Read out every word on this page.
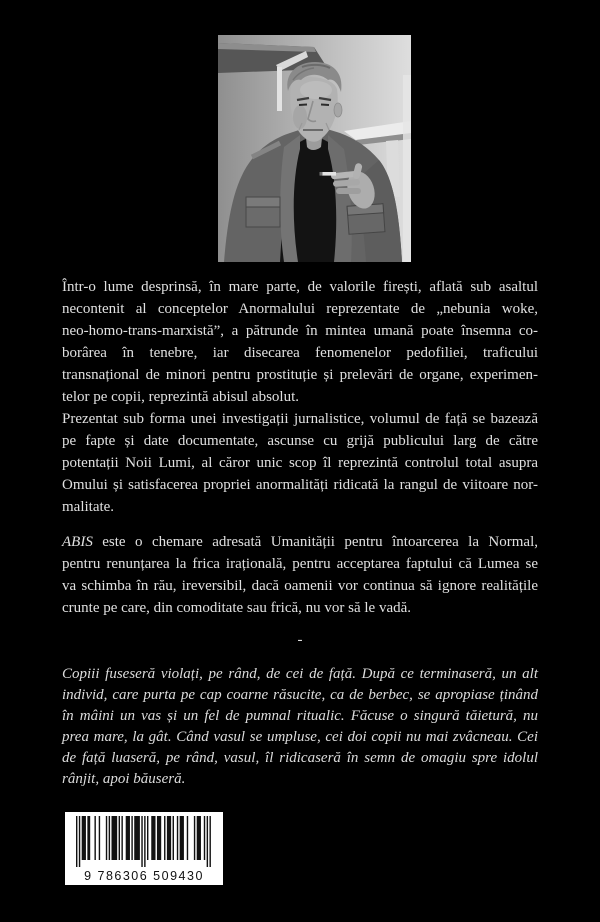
Într-o lume desprinsă, în mare parte, de valorile firești, aflată sub asaltul
necontenit al conceptelor Anormalului reprezentate de „nebunia woke,
neo-homo-trans-marxistă”, a pătrunde în mintea umană poate însemna co-
borârea în tenebre, iar disecarea fenomenelor pedofiliei, traficului
transnațional de minori pentru prostituție și prelevări de organe, experimen-
telor pe copii, reprezintă abisul absolut.
Prezentat sub forma unei investigații jurnalistice, volumul de față se bazează
pe fapte și date documentate, ascunse cu grijă publicului larg de către
potentații Noii Lumi, al căror unic scop îl reprezintă controlul total asupra
Omului și satisfacerea propriei anormalități ridicată la rangul de viitoare nor-
malitate.
ABIS este o chemare adresată Umanității pentru întoarcerea la Normal,
pentru renunțarea la frica irațională, pentru acceptarea faptului că Lumea se
va schimba în rău, ireversibil, dacă oamenii vor continua să ignore realitățile
crunte pe care, din comoditate sau frică, nu vor să le vadă.
-
Copiii fuseseră violați, pe rând, de cei de față. După ce terminaseră, un alt
individ, care purta pe cap coarne răsucite, ca de berbec, se apropiase ținând
în mâini un vas și un fel de pumnal ritualic. Făcuse o singură tăietură, nu
prea mare, la gât. Când vasul se umpluse, cei doi copii nu mai zvâcneau. Cei
de față luaseră, pe rând, vasul, îl ridicaseră în semn de omagiu spre idolul
rânjit, apoi băuseră.
9 786306 509430
